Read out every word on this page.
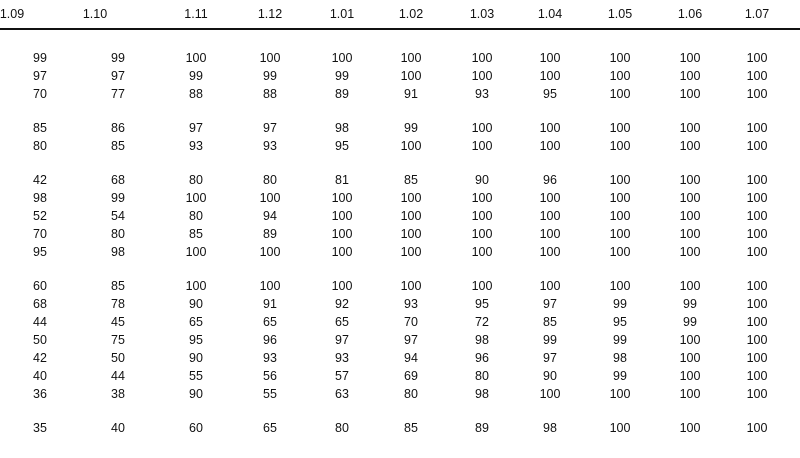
1.09	1.10	1.11	1.12	1.01	1.02	1.03	1.04	1.05	1.06	1.07
99	99	100	100	100	100	100	100	100	100	100
97	97	99	99	99	100	100	100	100	100	100
70	77	88	88	89	91	93	95	100	100	100
85	86	97	97	98	99	100	100	100	100	100
80	85	93	93	95	100	100	100	100	100	100
42	68	80	80	81	85	90	96	100	100	100
98	99	100	100	100	100	100	100	100	100	100
52	54	80	94	100	100	100	100	100	100	100
70	80	85	89	100	100	100	100	100	100	100
95	98	100	100	100	100	100	100	100	100	100
60	85	100	100	100	100	100	100	100	100	100
68	78	90	91	92	93	95	97	99	99	100
44	45	65	65	65	70	72	85	95	99	100
50	75	95	96	97	97	98	99	99	100	100
42	50	90	93	93	94	96	97	98	100	100
40	44	55	56	57	69	80	90	99	100	100
36	38	90	55	63	80	98	100	100	100	100
35	40	60	65	80	85	89	98	100	100	100
